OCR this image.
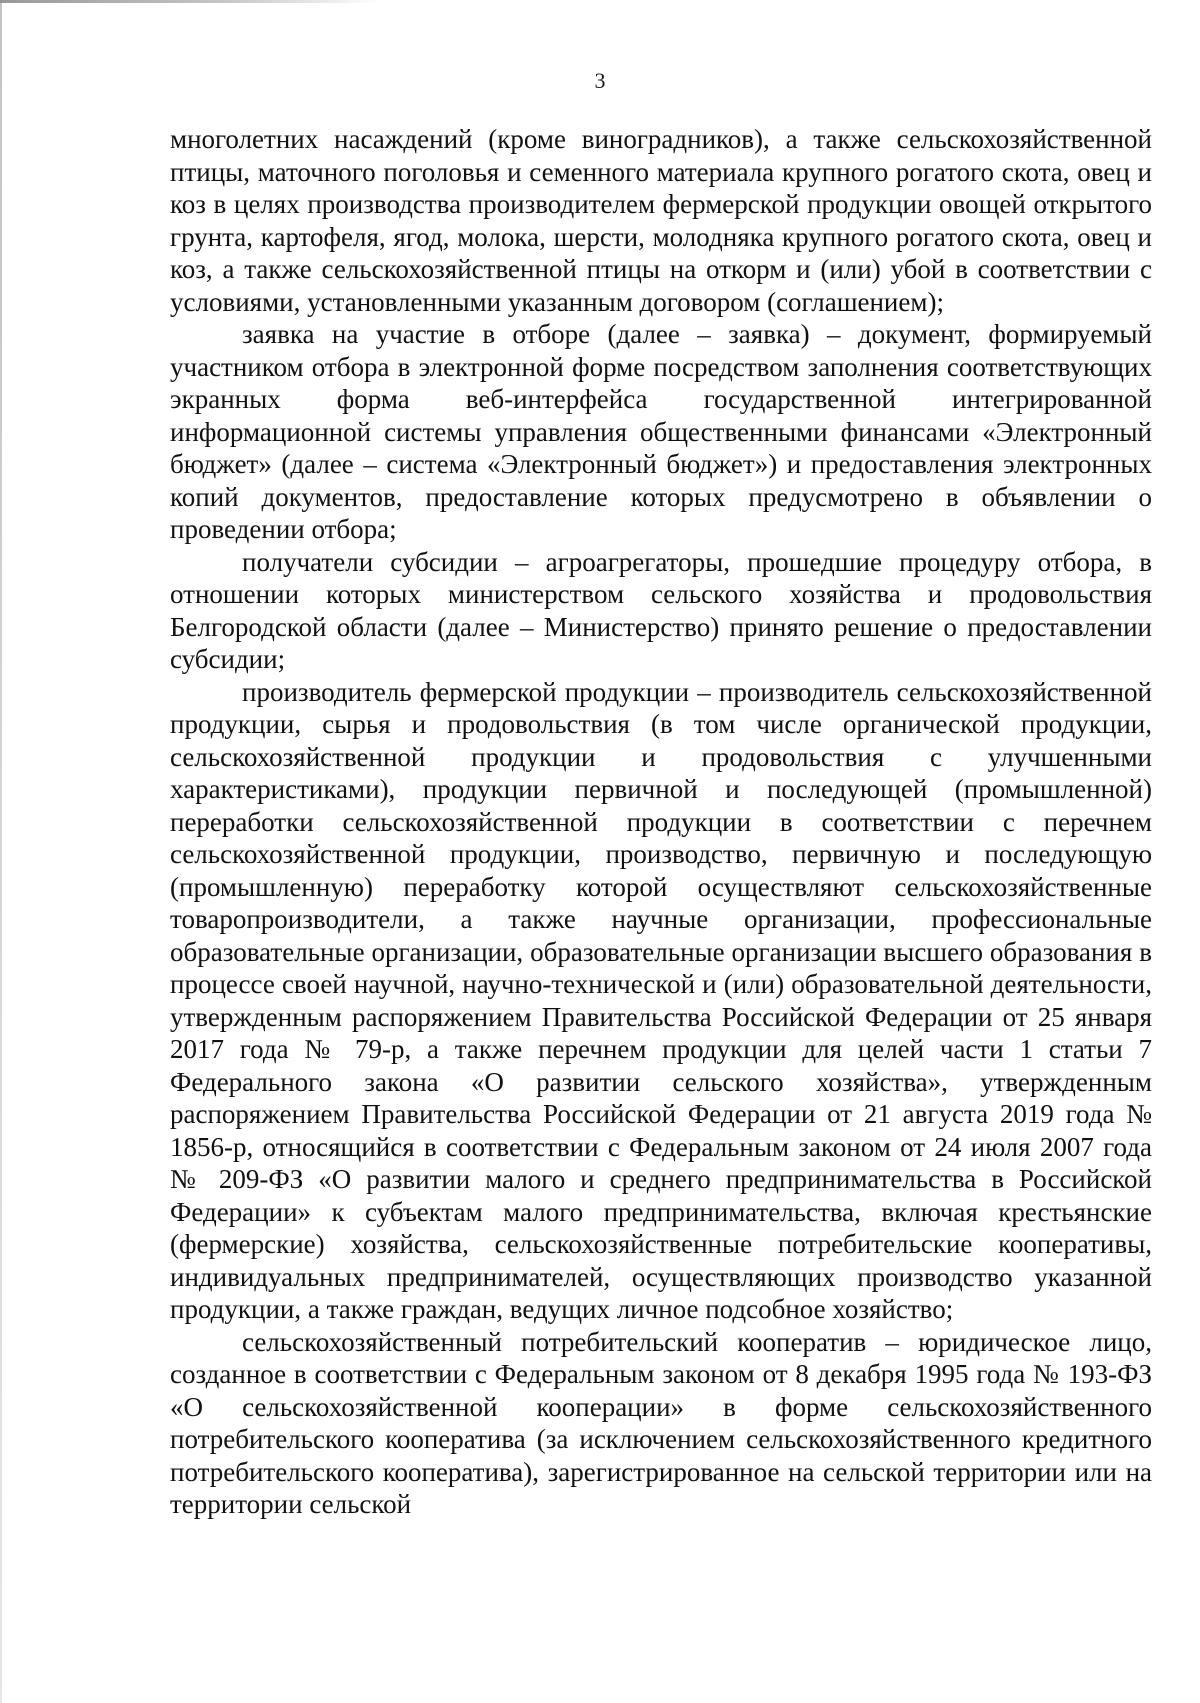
3

многолетних насаждений (кроме виноградников), а также сельскохозяйственной птицы, маточного поголовья и семенного материала крупного рогатого скота, овец и коз в целях производства производителем фермерской продукции овощей открытого грунта, картофеля, ягод, молока, шерсти, молодняка крупного рогатого скота, овец и коз, а также сельскохозяйственной птицы на откорм и (или) убой в соответствии с условиями, установленными указанным договором (соглашением);

заявка на участие в отборе (далее – заявка) – документ, формируемый участником отбора в электронной форме посредством заполнения соответствующих экранных форма веб-интерфейса государственной интегрированной информационной системы управления общественными финансами «Электронный бюджет» (далее – система «Электронный бюджет») и предоставления электронных копий документов, предоставление которых предусмотрено в объявлении о проведении отбора;

получатели субсидии – агроагрегаторы, прошедшие процедуру отбора, в отношении которых министерством сельского хозяйства и продовольствия Белгородской области (далее – Министерство) принято решение о предоставлении субсидии;

производитель фермерской продукции – производитель сельскохозяйственной продукции, сырья и продовольствия (в том числе органической продукции, сельскохозяйственной продукции и продовольствия с улучшенными характеристиками), продукции первичной и последующей (промышленной) переработки сельскохозяйственной продукции в соответствии с перечнем сельскохозяйственной продукции, производство, первичную и последующую (промышленную) переработку которой осуществляют сельскохозяйственные товаропроизводители, а также научные организации, профессиональные образовательные организации, образовательные организации высшего образования в процессе своей научной, научно-технической и (или) образовательной деятельности, утвержденным распоряжением Правительства Российской Федерации от 25 января 2017 года № 79-р, а также перечнем продукции для целей части 1 статьи 7 Федерального закона «О развитии сельского хозяйства», утвержденным распоряжением Правительства Российской Федерации от 21 августа 2019 года № 1856-р, относящийся в соответствии с Федеральным законом от 24 июля 2007 года № 209-ФЗ «О развитии малого и среднего предпринимательства в Российской Федерации» к субъектам малого предпринимательства, включая крестьянские (фермерские) хозяйства, сельскохозяйственные потребительские кооперативы, индивидуальных предпринимателей, осуществляющих производство указанной продукции, а также граждан, ведущих личное подсобное хозяйство;

сельскохозяйственный потребительский кооператив – юридическое лицо, созданное в соответствии с Федеральным законом от 8 декабря 1995 года № 193-ФЗ «О сельскохозяйственной кооперации» в форме сельскохозяйственного потребительского кооператива (за исключением сельскохозяйственного кредитного потребительского кооператива), зарегистрированное на сельской территории или на территории сельской
